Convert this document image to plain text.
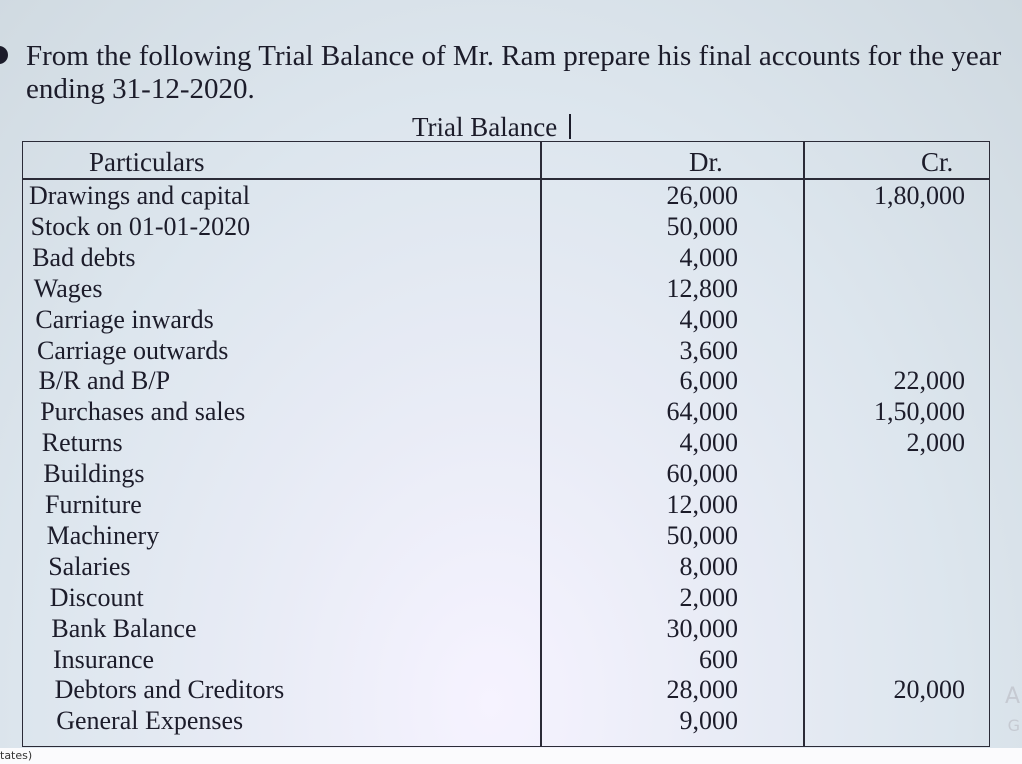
From the following Trial Balance of Mr. Ram prepare his final accounts for the year
ending 31-12-2020.
Trial Balance
Particulars	Dr.	Cr.
Drawings and capital	26,000	1,80,000
Stock on 01-01-2020	50,000
Bad debts	4,000
Wages	12,800
Carriage inwards	4,000
Carriage outwards	3,600
B/R and B/P	6,000	22,000
Purchases and sales	64,000	1,50,000
Returns	4,000	2,000
Buildings	60,000
Furniture	12,000
Machinery	50,000
Salaries	8,000
Discount	2,000
Bank Balance	30,000
Insurance	600
Debtors and Creditors	28,000	20,000
General Expenses	9,000
tates)
A
G
